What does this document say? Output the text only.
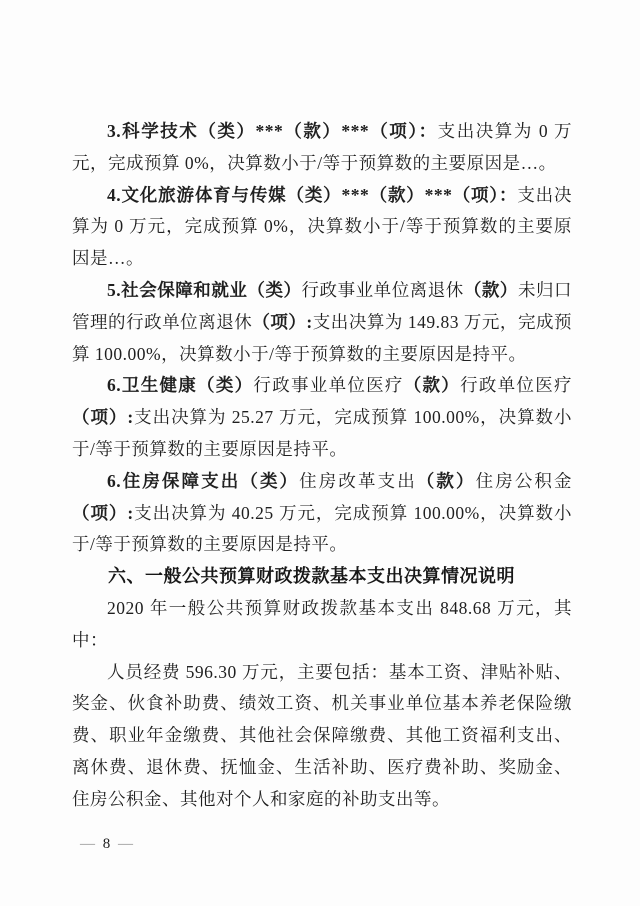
3.科学技术（类）***（款）***（项）：支出决算为 0 万元，完成预算 0%，决算数小于/等于预算数的主要原因是…。

4.文化旅游体育与传媒（类）***（款）***（项）：支出决算为 0 万元，完成预算 0%，决算数小于/等于预算数的主要原因是…。

5.社会保障和就业（类）行政事业单位离退休（款）未归口管理的行政单位离退休（项）:支出决算为 149.83 万元，完成预算 100.00%，决算数小于/等于预算数的主要原因是持平。

6.卫生健康（类）行政事业单位医疗（款）行政单位医疗（项）:支出决算为 25.27 万元，完成预算 100.00%，决算数小于/等于预算数的主要原因是持平。

6.住房保障支出（类）住房改革支出（款）住房公积金（项）:支出决算为 40.25 万元，完成预算 100.00%，决算数小于/等于预算数的主要原因是持平。

六、一般公共预算财政拨款基本支出决算情况说明

2020 年一般公共预算财政拨款基本支出 848.68 万元，其中：

人员经费 596.30 万元，主要包括：基本工资、津贴补贴、奖金、伙食补助费、绩效工资、机关事业单位基本养老保险缴费、职业年金缴费、其他社会保障缴费、其他工资福利支出、离休费、退休费、抚恤金、生活补助、医疗费补助、奖励金、住房公积金、其他对个人和家庭的补助支出等。

— 8 —
